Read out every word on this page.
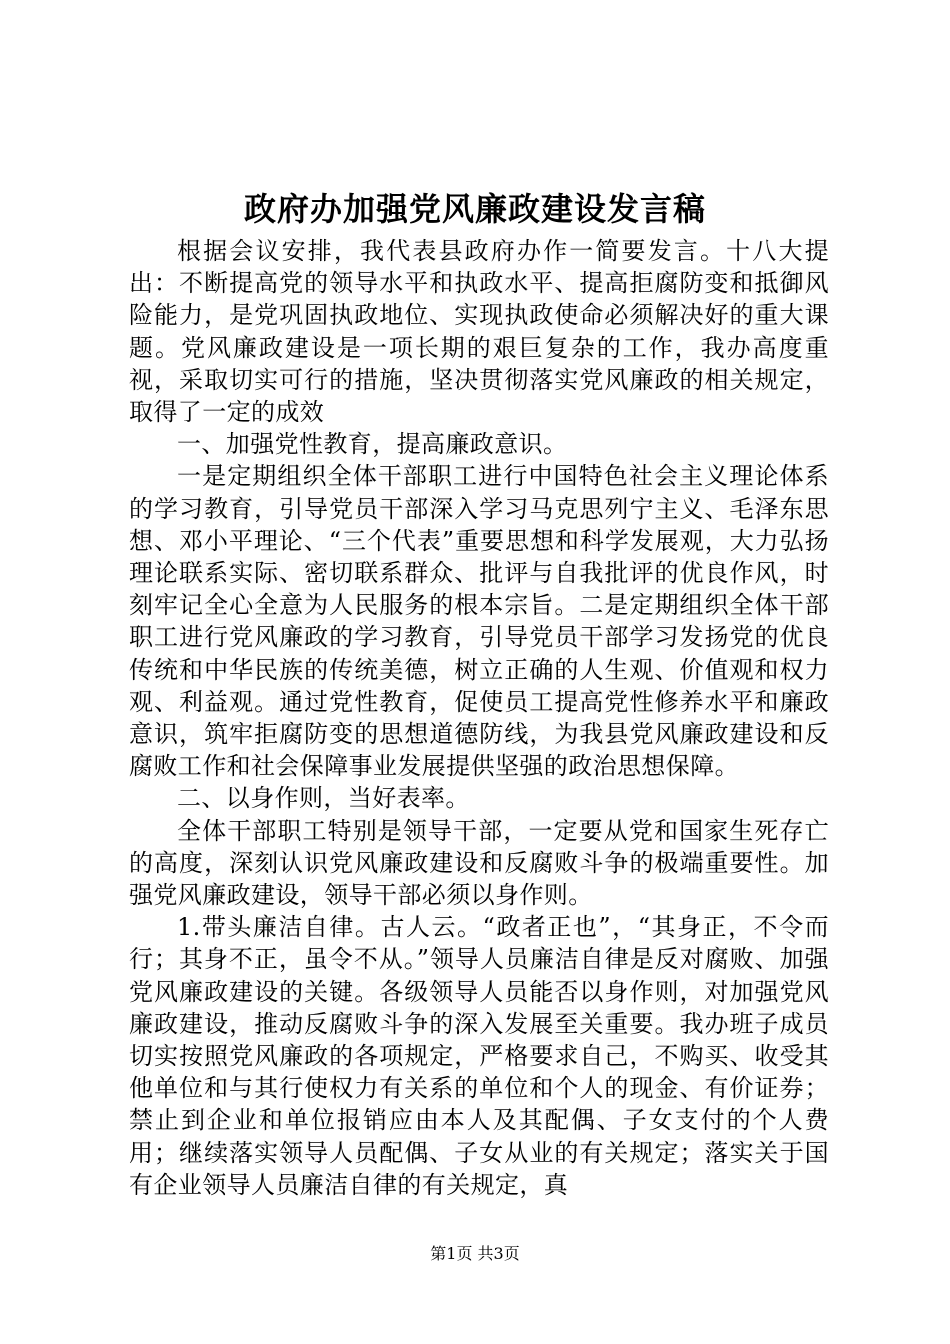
政府办加强党风廉政建设发言稿

根据会议安排，我代表县政府办作一简要发言。十八大提出：不断提高党的领导水平和执政水平、提高拒腐防变和抵御风险能力，是党巩固执政地位、实现执政使命必须解决好的重大课题。党风廉政建设是一项长期的艰巨复杂的工作，我办高度重视，采取切实可行的措施，坚决贯彻落实党风廉政的相关规定，取得了一定的成效

一、加强党性教育，提高廉政意识。

一是定期组织全体干部职工进行中国特色社会主义理论体系的学习教育，引导党员干部深入学习马克思列宁主义、毛泽东思想、邓小平理论、“三个代表”重要思想和科学发展观，大力弘扬理论联系实际、密切联系群众、批评与自我批评的优良作风，时刻牢记全心全意为人民服务的根本宗旨。二是定期组织全体干部职工进行党风廉政的学习教育，引导党员干部学习发扬党的优良传统和中华民族的传统美德，树立正确的人生观、价值观和权力观、利益观。通过党性教育，促使员工提高党性修养水平和廉政意识，筑牢拒腐防变的思想道德防线，为我县党风廉政建设和反腐败工作和社会保障事业发展提供坚强的政治思想保障。

二、以身作则，当好表率。

全体干部职工特别是领导干部，一定要从党和国家生死存亡的高度，深刻认识党风廉政建设和反腐败斗争的极端重要性。加强党风廉政建设，领导干部必须以身作则。

1.带头廉洁自律。古人云。“政者正也”，“其身正，不令而行；其身不正，虽令不从。”领导人员廉洁自律是反对腐败、加强党风廉政建设的关键。各级领导人员能否以身作则，对加强党风廉政建设，推动反腐败斗争的深入发展至关重要。我办班子成员切实按照党风廉政的各项规定，严格要求自己，不购买、收受其他单位和与其行使权力有关系的单位和个人的现金、有价证券；禁止到企业和单位报销应由本人及其配偶、子女支付的个人费用；继续落实领导人员配偶、子女从业的有关规定；落实关于国有企业领导人员廉洁自律的有关规定，真

第1页 共3页
